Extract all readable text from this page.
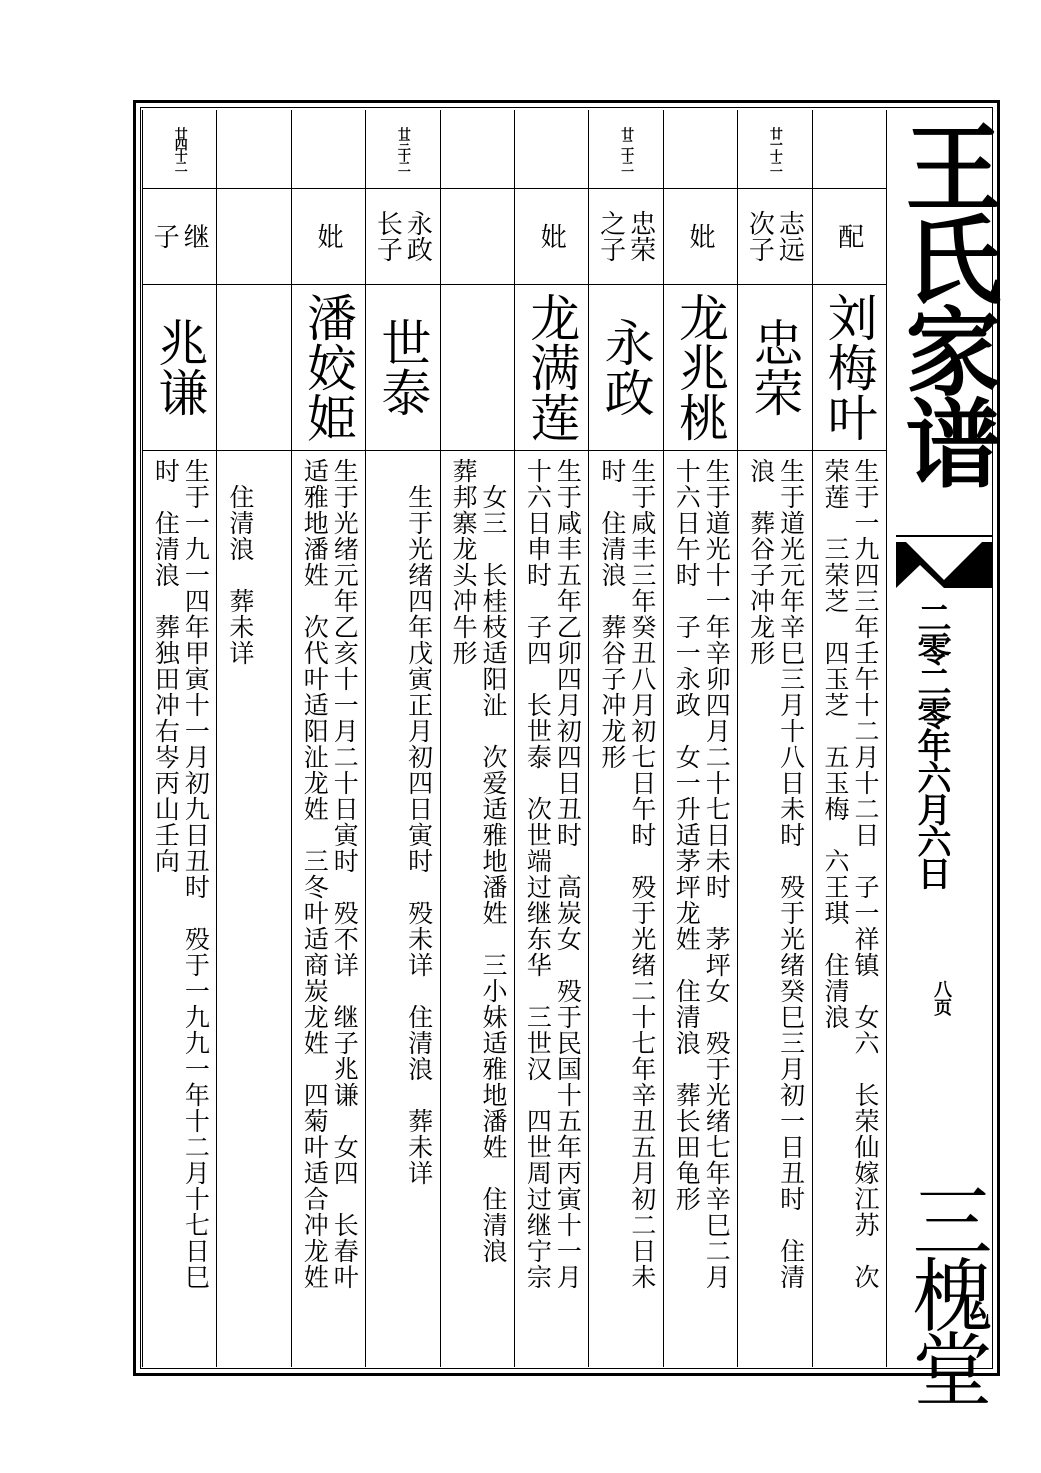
配
刘梅叶
生于一九四三年壬午十二月十二日　子一祥镇　女六　长荣仙嫁江苏　次
荣莲　三荣芝　四玉芝　五玉梅　六王琪　住清浪
廿一十二
志远
次子
忠荣
生于道光元年辛巳三月十八日未时　殁于光绪癸巳三月初一日丑时　住清
浪　葬谷子冲龙形
妣
龙兆桃
生于道光十一年辛卯四月二十七日未时　茅坪女　殁于光绪七年辛巳二月
十六日午时　子一永政　女一升适茅坪龙姓　住清浪　葬长田龟形
廿二十二
忠荣
之子
永政
生于咸丰三年癸丑八月初七日午时　殁于光绪二十七年辛丑五月初二日未
时　住清浪　葬谷子冲龙形
妣
龙满莲
生于咸丰五年乙卯四月初四日丑时　高炭女　殁于民国十五年丙寅十一月
十六日申时　子四　长世泰　次世端过继东华　三世汉　四世周过继宁宗
　女三　长桂枝适阳沚　次爱适雅地潘姓　三小妹适雅地潘姓　住清浪
葬邦寨龙头冲牛形
廿三十二
永政
长子
世泰
　生于光绪四年戊寅正月初四日寅时　殁未详　住清浪　葬未详
妣
潘姣姫
生于光绪元年乙亥十一月二十日寅时　殁不详　继子兆谦　女四　长春叶
适雅地潘姓　次代叶适阳沚龙姓　三冬叶适商炭龙姓　四菊叶适合冲龙姓

　住清浪　葬未详
廿四十二
继
子
兆谦
生于一九一四年甲寅十一月初九日丑时　殁于一九九一年十二月十七日巳
时　住清浪　葬独田冲右岑丙山壬向
王氏家谱
二零二零年六月六日
八页
三槐堂
